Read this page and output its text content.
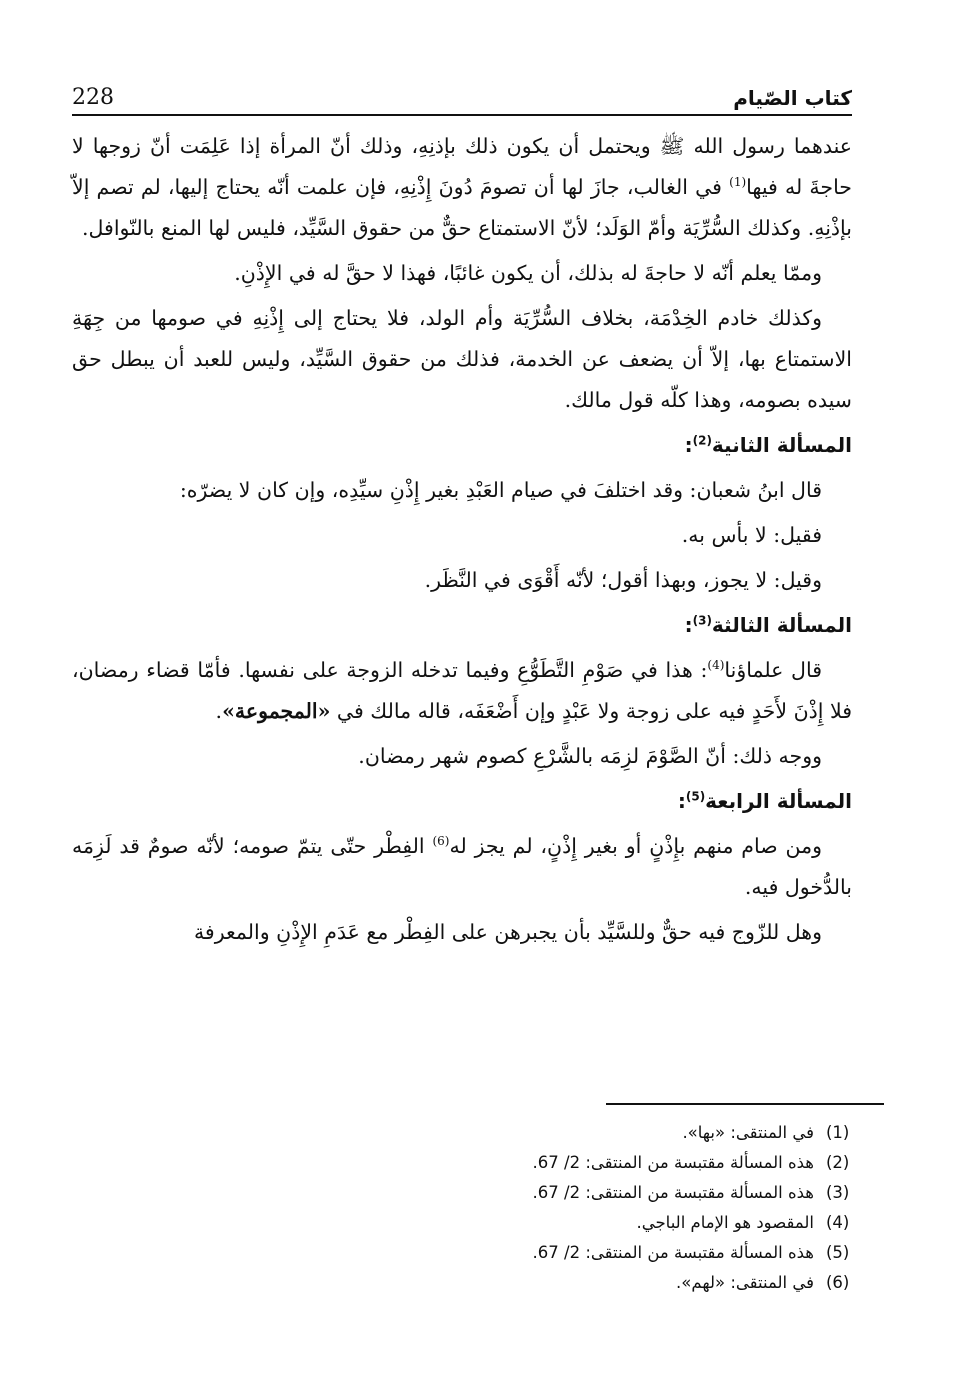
كتاب الصّيام
228

عندهما رسول الله ﷺ ويحتمل أن يكون ذلك بإذنِهِ، وذلك أنّ المرأة إذا عَلِمَت أنّ زوجها لا حاجةَ له فيها$^{(1)}$ في الغالب، جازَ لها أن تصومَ دُونَ إِذْنِهِ، فإن علمت أنّه يحتاج إليها، لم تصم إلاّ بإذْنِهِ. وكذلك السُّرِّيَة وأمّ الوَلَد؛ لأنّ الاستمتاع حقٌّ من حقوق السَّيِّد، فليس لها المنع بالنّوافل.

وممّا يعلم أنّه لا حاجةَ له بذلك، أن يكون غائبًا، فهذا لا حقَّ له في الإِذْنِ.

وكذلك خادم الخِدْمَة، بخلاف السُّرِّيَة وأم الولد، فلا يحتاج إلى إِذْنِهِ في صومها من جِهَةِ الاستمتاع بها، إلاّ أن يضعف عن الخدمة، فذلك من حقوق السَّيِّد، وليس للعبد أن يبطل حق سيده بصومه، وهذا كلّه قول مالك.

المسألة الثانية$^{(2)}$:

قال ابنُ شعبان: وقد اختلفَ في صيام العَبْدِ بغير إِذْنِ سيِّدِه، وإن كان لا يضرّه:

فقيل: لا بأس به.

وقيل: لا يجوز، وبهذا أقول؛ لأنّه أَقْوَى في النَّظَر.

المسألة الثالثة$^{(3)}$:

قال علماؤنا$^{(4)}$: هذا في صَوْمِ التَّطَوُّعِ وفيما تدخله الزوجة على نفسها. فأمّا قضاء رمضان، فلا إِذْنَ لأَحَدٍ فيه على زوجة ولا عَبْدٍ وإن أَضْعَفَه، قاله مالك في «المجموعة».

ووجه ذلك: أنّ الصَّوْمَ لزِمَه بالشَّرْعِ كصوم شهر رمضان.

المسألة الرابعة$^{(5)}$:

ومن صام منهم بإِذْنٍ أو بغير إِذْنٍ، لم يجز له$^{(6)}$ الفِطْر حتّى يتمّ صومه؛ لأنّه صومٌ قد لَزِمَه بالدُّخول فيه.

وهل للزّوج فيه حقٌّ وللسَّيِّد بأن يجبرهن على الفِطْر مع عَدَمِ الإِذْنِ والمعرفة

(1)
في المنتقى: «بها».
(2)
هذه المسألة مقتبسة من المنتقى: 2/ 67.
(3)
هذه المسألة مقتبسة من المنتقى: 2/ 67.
(4)
المقصود هو الإمام الباجي.
(5)
هذه المسألة مقتبسة من المنتقى: 2/ 67.
(6)
في المنتقى: «لهم».
